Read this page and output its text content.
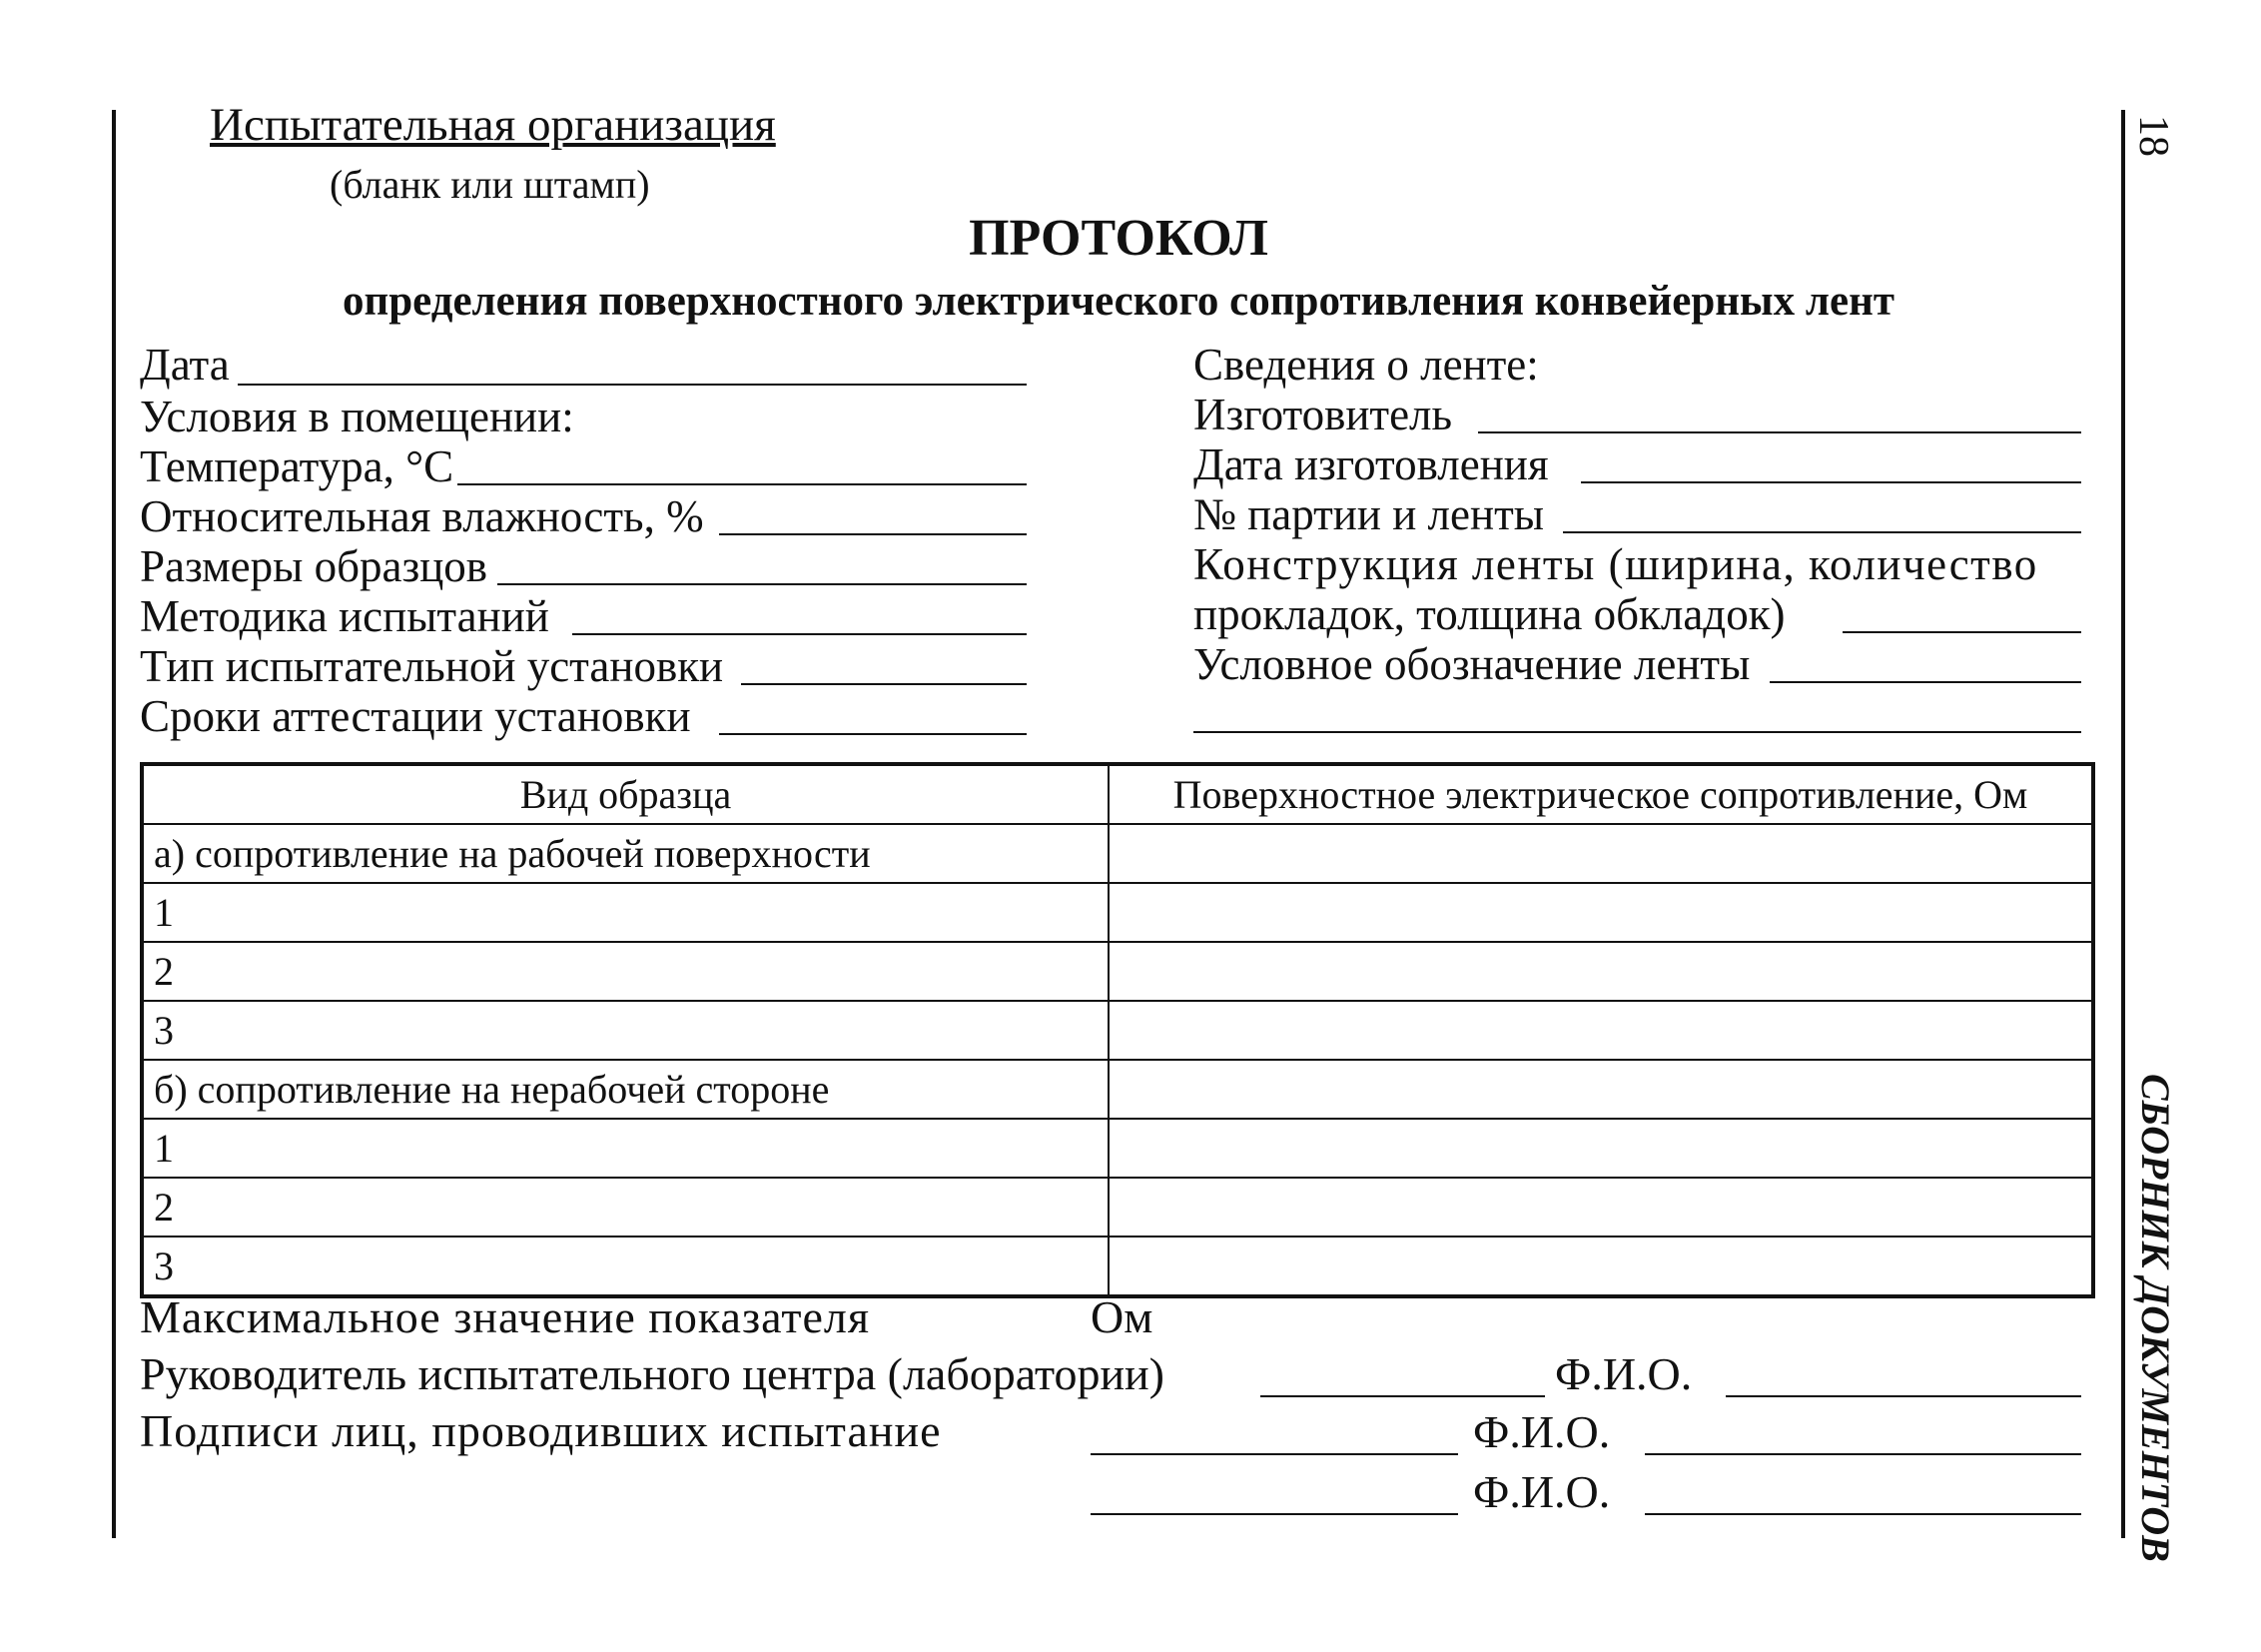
Испытательная организация
(бланк или штамп)
ПРОТОКОЛ
определения поверхностного электрического сопротивления конвейерных лент
Дата
Условия в помещении:
Температура, °С
Относительная влажность, %
Размеры образцов
Методика испытаний
Тип испытательной установки
Сроки аттестации установки
Сведения о ленте:
Изготовитель
Дата изготовления
№ партии и ленты
Конструкция ленты (ширина, количество
прокладок, толщина обкладок)
Условное обозначение ленты
Вид образца	Поверхностное электрическое сопротивление, Ом
а) сопротивление на рабочей поверхности	
1	
2	
3	
б) сопротивление на нерабочей стороне	
1	
2	
3	
Максимальное значение показателя	Ом
Руководитель испытательного центра (лаборатории)	Ф.И.О.
Подписи лиц, проводивших испытание	Ф.И.О.
Ф.И.О.
18
СБОРНИК ДОКУМЕНТОВ
